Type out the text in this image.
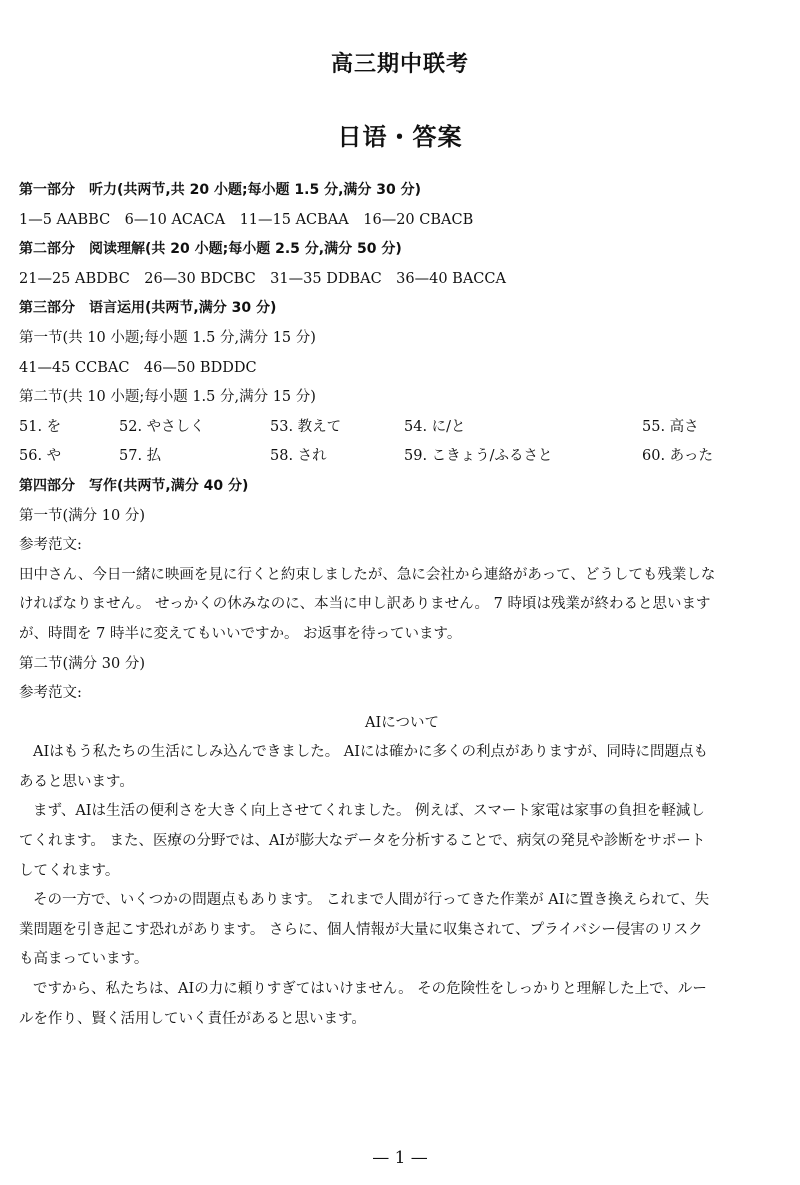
高三期中联考
日语・答案
第一部分　听力(共两节,共 20 小题;每小题 1.5 分,满分 30 分)
1—5 AABBC　6—10 ACACA　11—15 ACBAA　16—20 CBACB
第二部分　阅读理解(共 20 小题;每小题 2.5 分,满分 50 分)
21—25 ABDBC　26—30 BDCBC　31—35 DDBAC　36—40 BACCA
第三部分　语言运用(共两节,满分 30 分)
第一节(共 10 小题;每小题 1.5 分,满分 15 分)
41—45 CCBAC　46—50 BDDDC
第二节(共 10 小题;每小题 1.5 分,满分 15 分)
51. を	52. やさしく	53. 教えて	54. に/と	55. 高さ
56. や	57. 払	58. され	59. こきょう/ふるさと	60. あった
第四部分　写作(共两节,满分 40 分)
第一节(满分 10 分)
参考范文:
田中さん、今日一緒に映画を見に行くと約束しましたが、急に会社から連絡があって、どうしても残業しな
ければなりません。 せっかくの休みなのに、本当に申し訳ありません。 7 時頃は残業が終わると思います
が、時間を 7 時半に変えてもいいですか。 お返事を待っています。
第二节(满分 30 分)
参考范文:
AIについて
AIはもう私たちの生活にしみ込んできました。 AIには確かに多くの利点がありますが、同時に問題点も
あると思います。
まず、AIは生活の便利さを大きく向上させてくれました。 例えば、スマート家電は家事の負担を軽減し
てくれます。 また、医療の分野では、AIが膨大なデータを分析することで、病気の発見や診断をサポート
してくれます。
その一方で、いくつかの問題点もあります。 これまで人間が行ってきた作業が AIに置き換えられて、失
業問題を引き起こす恐れがあります。 さらに、個人情報が大量に収集されて、プライバシー侵害のリスク
も高まっています。
ですから、私たちは、AIの力に頼りすぎてはいけません。 その危険性をしっかりと理解した上で、ルー
ルを作り、賢く活用していく責任があると思います。
— 1 —
